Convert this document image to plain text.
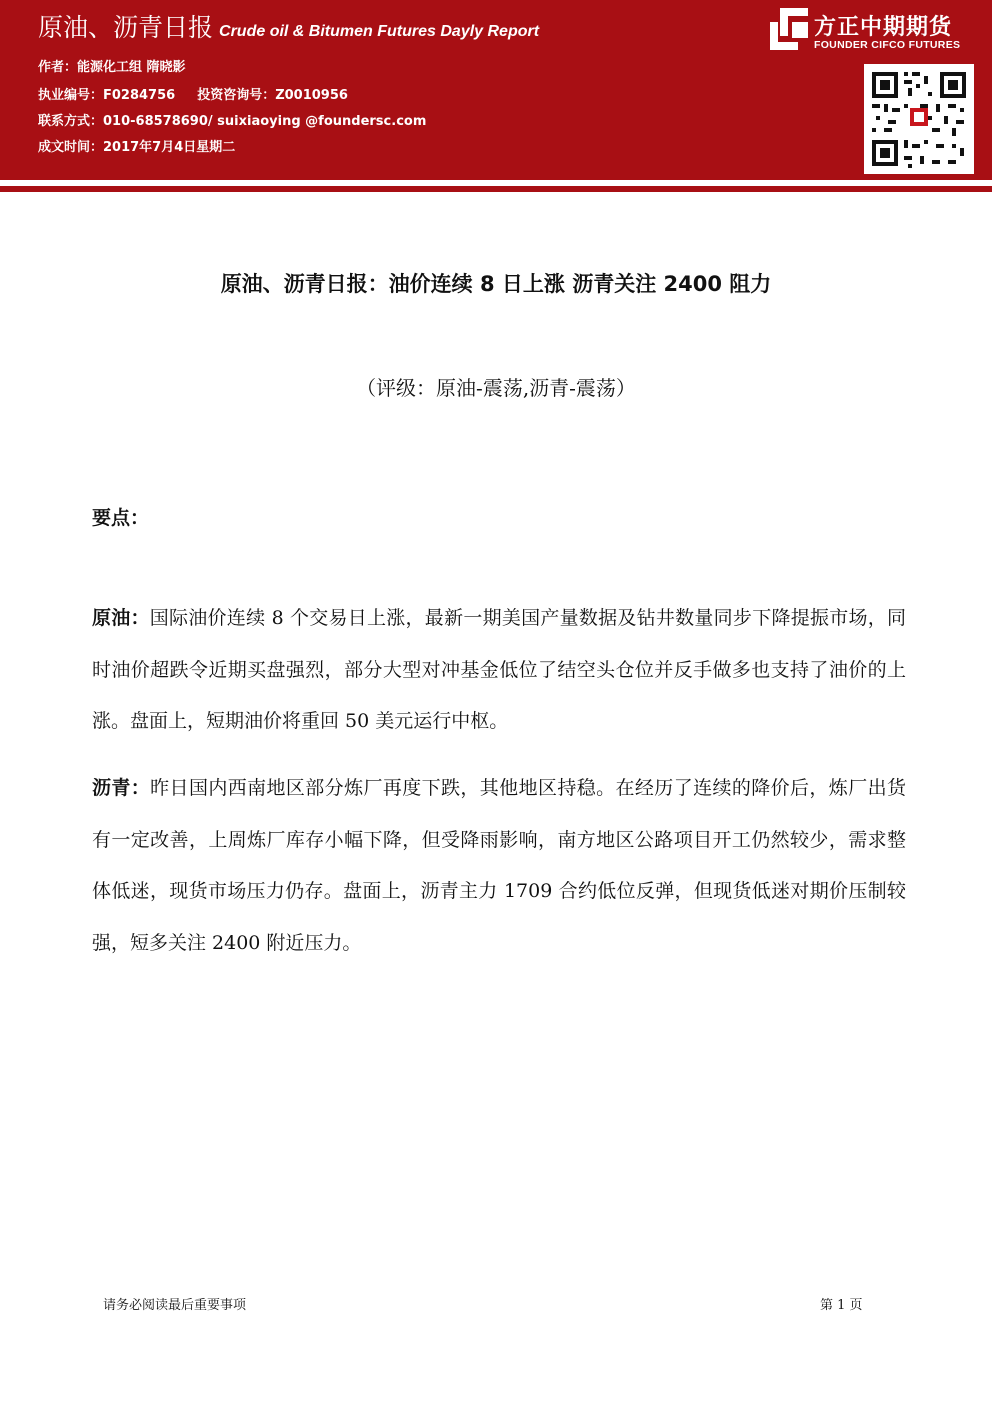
原油、沥青日报 Crude oil & Bitumen Futures Dayly Report
作者：能源化工组 隋晓影
执业编号：F0284756 投资咨询号：Z0010956
联系方式：010-68578690/ suixiaoying @foundersc.com
成文时间：2017年7月4日星期二
方正中期期货
FOUNDER CIFCO FUTURES
原油、沥青日报：油价连续 8 日上涨 沥青关注 2400 阻力
（评级：原油-震荡,沥青-震荡）
要点：
原油：国际油价连续 8 个交易日上涨，最新一期美国产量数据及钻井数量同步下降提振市场，同时油价超跌令近期买盘强烈，部分大型对冲基金低位了结空头仓位并反手做多也支持了油价的上涨。盘面上，短期油价将重回 50 美元运行中枢。
沥青：昨日国内西南地区部分炼厂再度下跌，其他地区持稳。在经历了连续的降价后，炼厂出货有一定改善，上周炼厂库存小幅下降，但受降雨影响，南方地区公路项目开工仍然较少，需求整体低迷，现货市场压力仍存。盘面上，沥青主力 1709 合约低位反弹，但现货低迷对期价压制较强，短多关注 2400 附近压力。
请务必阅读最后重要事项	第 1 页
